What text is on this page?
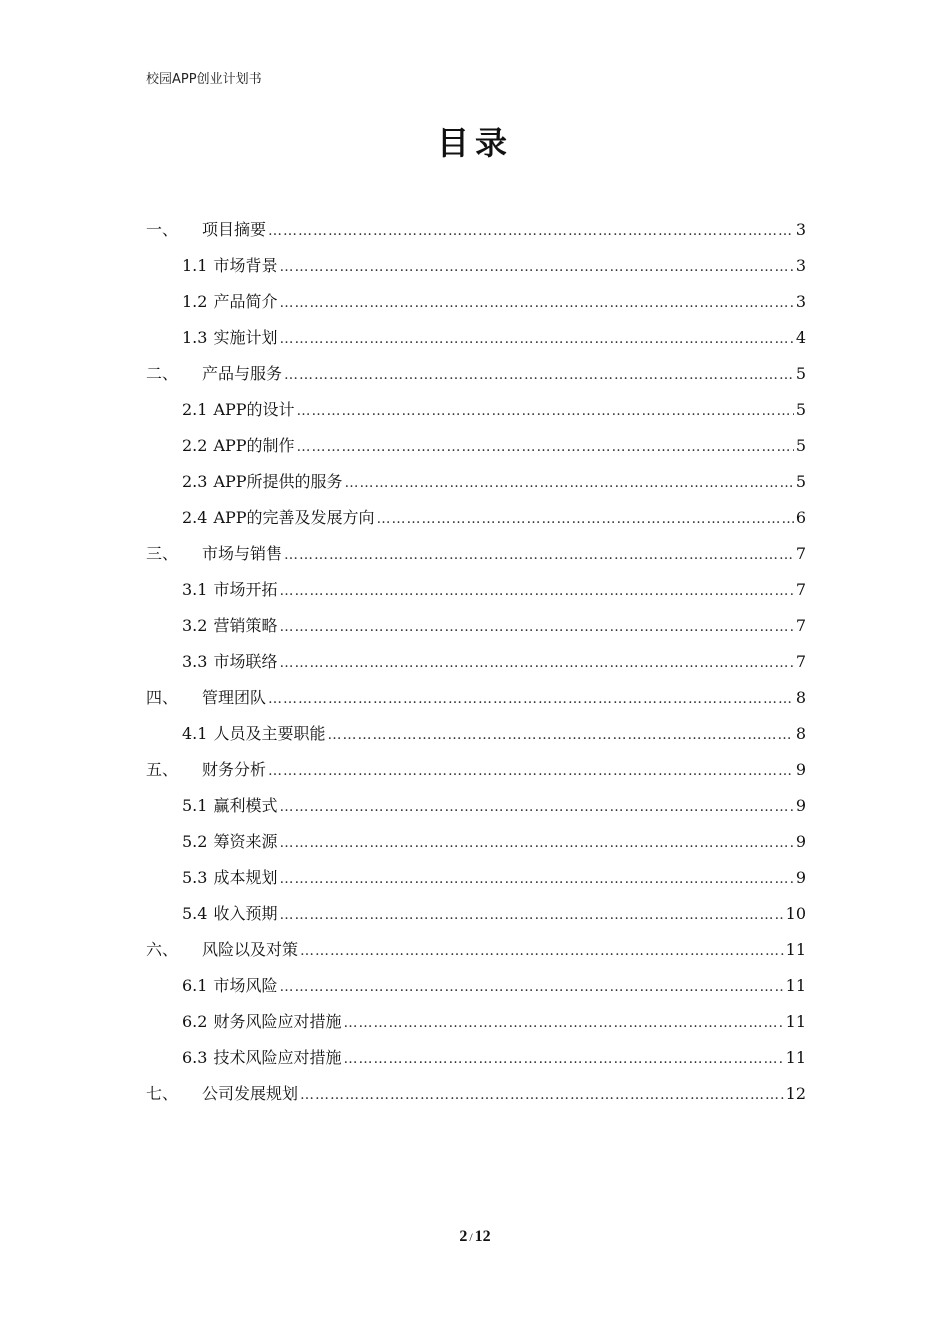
校园APP创业计划书
目录
一、	项目摘要 ………………………………………………………………………………………………………………………………………………………………………………………………………………	3
1.1 市场背景 ………………………………………………………………………………………………………………………………………………………………………………………………………………	3
1.2 产品简介 ………………………………………………………………………………………………………………………………………………………………………………………………………………	3
1.3 实施计划 ………………………………………………………………………………………………………………………………………………………………………………………………………………	4
二、	产品与服务 ………………………………………………………………………………………………………………………………………………………………………………………………………………	5
2.1 APP的设计 ………………………………………………………………………………………………………………………………………………………………………………………………………………	5
2.2 APP的制作 ………………………………………………………………………………………………………………………………………………………………………………………………………………	5
2.3 APP所提供的服务 ………………………………………………………………………………………………………………………………………………………………………………………………………………	5
2.4 APP的完善及发展方向 ………………………………………………………………………………………………………………………………………………………………………………………………………………	6
三、	市场与销售 ………………………………………………………………………………………………………………………………………………………………………………………………………………	7
3.1 市场开拓 ………………………………………………………………………………………………………………………………………………………………………………………………………………	7
3.2 营销策略 ………………………………………………………………………………………………………………………………………………………………………………………………………………	7
3.3 市场联络 ………………………………………………………………………………………………………………………………………………………………………………………………………………	7
四、	管理团队 ………………………………………………………………………………………………………………………………………………………………………………………………………………	8
4.1 人员及主要职能 ………………………………………………………………………………………………………………………………………………………………………………………………………………	8
五、	财务分析 ………………………………………………………………………………………………………………………………………………………………………………………………………………	9
5.1 赢利模式 ………………………………………………………………………………………………………………………………………………………………………………………………………………	9
5.2 筹资来源 ………………………………………………………………………………………………………………………………………………………………………………………………………………	9
5.3 成本规划 ………………………………………………………………………………………………………………………………………………………………………………………………………………	9
5.4 收入预期 ………………………………………………………………………………………………………………………………………………………………………………………………………………	10
六、	风险以及对策 ………………………………………………………………………………………………………………………………………………………………………………………………………………	11
6.1 市场风险 ………………………………………………………………………………………………………………………………………………………………………………………………………………	11
6.2 财务风险应对措施 ………………………………………………………………………………………………………………………………………………………………………………………………………………	11
6.3 技术风险应对措施 ………………………………………………………………………………………………………………………………………………………………………………………………………………	11
七、	公司发展规划 ………………………………………………………………………………………………………………………………………………………………………………………………………………	12
2 / 12
